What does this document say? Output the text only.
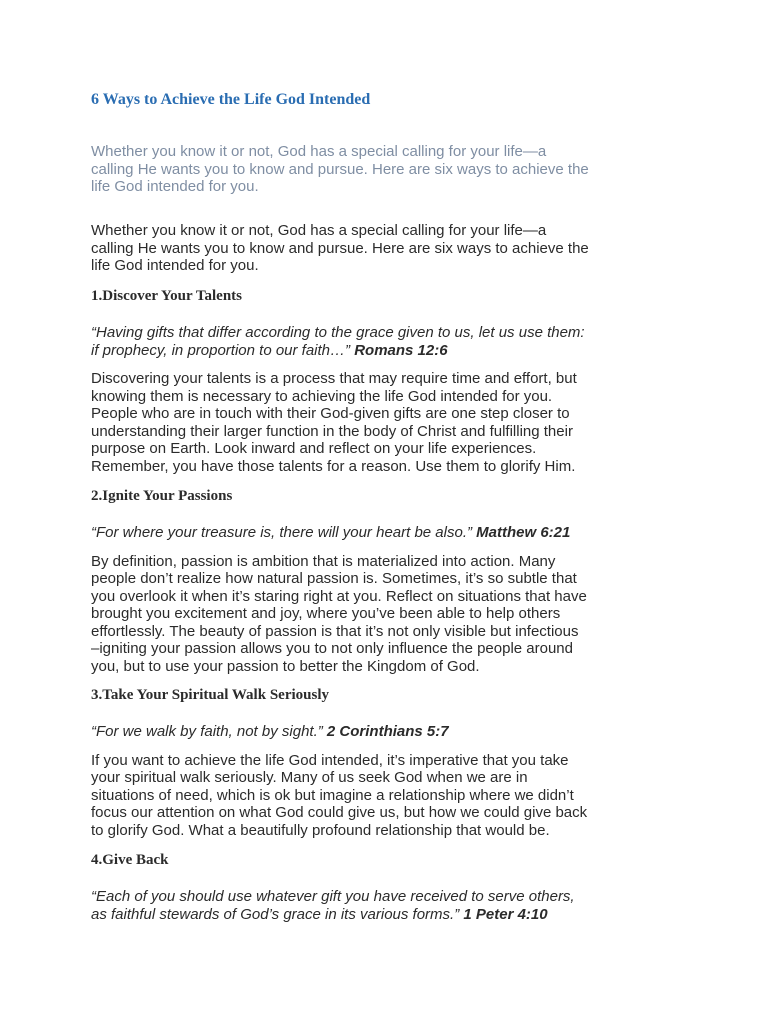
6 Ways to Achieve the Life God Intended

Whether you know it or not, God has a special calling for your life—a
calling He wants you to know and pursue. Here are six ways to achieve the
life God intended for you.

Whether you know it or not, God has a special calling for your life—a
calling He wants you to know and pursue. Here are six ways to achieve the
life God intended for you.

1.Discover Your Talents

“Having gifts that differ according to the grace given to us, let us use them:
if prophecy, in proportion to our faith…” Romans 12:6

Discovering your talents is a process that may require time and effort, but
knowing them is necessary to achieving the life God intended for you.
People who are in touch with their God-given gifts are one step closer to
understanding their larger function in the body of Christ and fulfilling their
purpose on Earth. Look inward and reflect on your life experiences.
Remember, you have those talents for a reason. Use them to glorify Him.

2.Ignite Your Passions

“For where your treasure is, there will your heart be also.” Matthew 6:21

By definition, passion is ambition that is materialized into action. Many
people don’t realize how natural passion is. Sometimes, it’s so subtle that
you overlook it when it’s staring right at you. Reflect on situations that have
brought you excitement and joy, where you’ve been able to help others
effortlessly. The beauty of passion is that it’s not only visible but infectious
–igniting your passion allows you to not only influence the people around
you, but to use your passion to better the Kingdom of God.

3.Take Your Spiritual Walk Seriously

“For we walk by faith, not by sight.” 2 Corinthians 5:7

If you want to achieve the life God intended, it’s imperative that you take
your spiritual walk seriously. Many of us seek God when we are in
situations of need, which is ok but imagine a relationship where we didn’t
focus our attention on what God could give us, but how we could give back
to glorify God. What a beautifully profound relationship that would be.

4.Give Back

“Each of you should use whatever gift you have received to serve others,
as faithful stewards of God’s grace in its various forms.” 1 Peter 4:10
